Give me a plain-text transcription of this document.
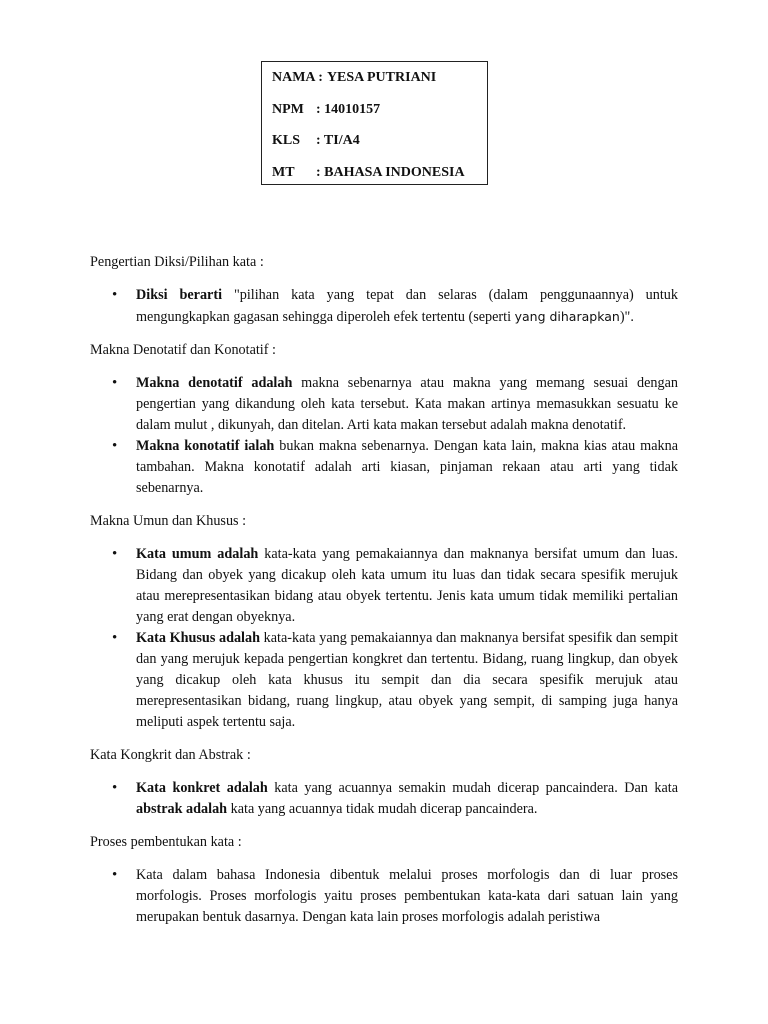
NAMA : YESA PUTRIANI
NPM : 14010157
KLS : TI/A4
MT : BAHASA INDONESIA

Pengertian Diksi/Pilihan kata :

• Diksi berarti "pilihan kata yang tepat dan selaras (dalam penggunaannya) untuk mengungkapkan gagasan sehingga diperoleh efek tertentu (seperti yang diharapkan)".

Makna Denotatif dan Konotatif :

• Makna denotatif adalah makna sebenarnya atau makna yang memang sesuai dengan pengertian yang dikandung oleh kata tersebut. Kata makan artinya memasukkan sesuatu ke dalam mulut , dikunyah, dan ditelan. Arti kata makan tersebut adalah makna denotatif.
• Makna konotatif ialah bukan makna sebenarnya. Dengan kata lain, makna kias atau makna tambahan. Makna konotatif adalah arti kiasan, pinjaman rekaan atau arti yang tidak sebenarnya.

Makna Umun dan Khusus :

• Kata umum adalah kata-kata yang pemakaiannya dan maknanya bersifat umum dan luas. Bidang dan obyek yang dicakup oleh kata umum itu luas dan tidak secara spesifik merujuk atau merepresentasikan bidang atau obyek tertentu. Jenis kata umum tidak memiliki pertalian yang erat dengan obyeknya.
• Kata Khusus adalah kata-kata yang pemakaiannya dan maknanya bersifat spesifik dan sempit dan yang merujuk kepada pengertian kongkret dan tertentu. Bidang, ruang lingkup, dan obyek yang dicakup oleh kata khusus itu sempit dan dia secara spesifik merujuk atau merepresentasikan bidang, ruang lingkup, atau obyek yang sempit, di samping juga hanya meliputi aspek tertentu saja.

Kata Kongkrit dan Abstrak :

• Kata konkret adalah kata yang acuannya semakin mudah dicerap pancaindera. Dan kata abstrak adalah kata yang acuannya tidak mudah dicerap pancaindera.

Proses pembentukan kata :

• Kata dalam bahasa Indonesia dibentuk melalui proses morfologis dan di luar proses morfologis. Proses morfologis yaitu proses pembentukan kata-kata dari satuan lain yang merupakan bentuk dasarnya. Dengan kata lain proses morfologis adalah peristiwa
